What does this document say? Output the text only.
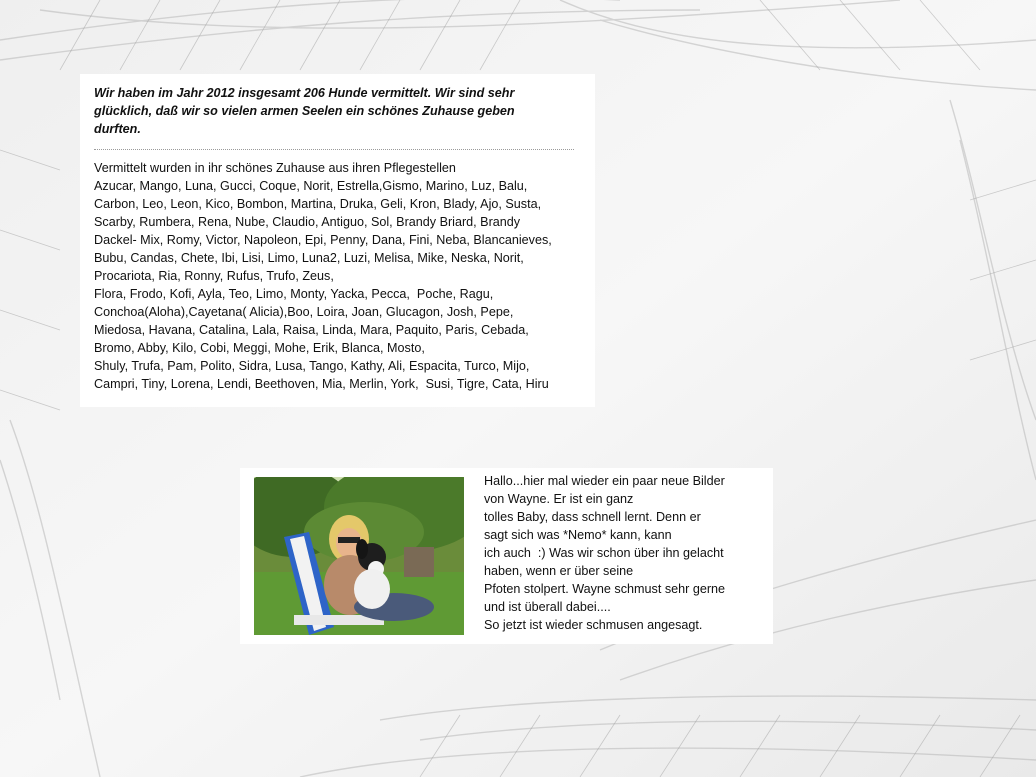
Wir haben im Jahr 2012 insgesamt 206 Hunde vermittelt. Wir sind sehr
glücklich, daß wir so vielen armen Seelen ein schönes Zuhause geben
durften.

Vermittelt wurden in ihr schönes Zuhause aus ihren Pflegestellen
Azucar, Mango, Luna, Gucci, Coque, Norit, Estrella,Gismo, Marino, Luz, Balu,
Carbon, Leo, Leon, Kico, Bombon, Martina, Druka, Geli, Kron, Blady, Ajo, Susta,
Scarby, Rumbera, Rena, Nube, Claudio, Antiguo, Sol, Brandy Briard, Brandy
Dackel- Mix, Romy, Victor, Napoleon, Epi, Penny, Dana, Fini, Neba, Blancanieves,
Bubu, Candas, Chete, Ibi, Lisi, Limo, Luna2, Luzi, Melisa, Mike, Neska, Norit,
Procariota, Ria, Ronny, Rufus, Trufo, Zeus,
Flora, Frodo, Kofi, Ayla, Teo, Limo, Monty, Yacka, Pecca,  Poche, Ragu,
Conchoa(Aloha),Cayetana( Alicia),Boo, Loira, Joan, Glucagon, Josh, Pepe,
Miedosa, Havana, Catalina, Lala, Raisa, Linda, Mara, Paquito, Paris, Cebada,
Bromo, Abby, Kilo, Cobi, Meggi, Mohe, Erik, Blanca, Mosto,
Shuly, Trufa, Pam, Polito, Sidra, Lusa, Tango, Kathy, Ali, Espacita, Turco, Mijo,
Campri, Tiny, Lorena, Lendi, Beethoven, Mia, Merlin, York,  Susi, Tigre, Cata, Hiru

Hallo...hier mal wieder ein paar neue Bilder
von Wayne. Er ist ein ganz
tolles Baby, dass schnell lernt. Denn er
sagt sich was *Nemo* kann, kann
ich auch  :) Was wir schon über ihn gelacht
haben, wenn er über seine
Pfoten stolpert. Wayne schmust sehr gerne
und ist überall dabei....
So jetzt ist wieder schmusen angesagt.
